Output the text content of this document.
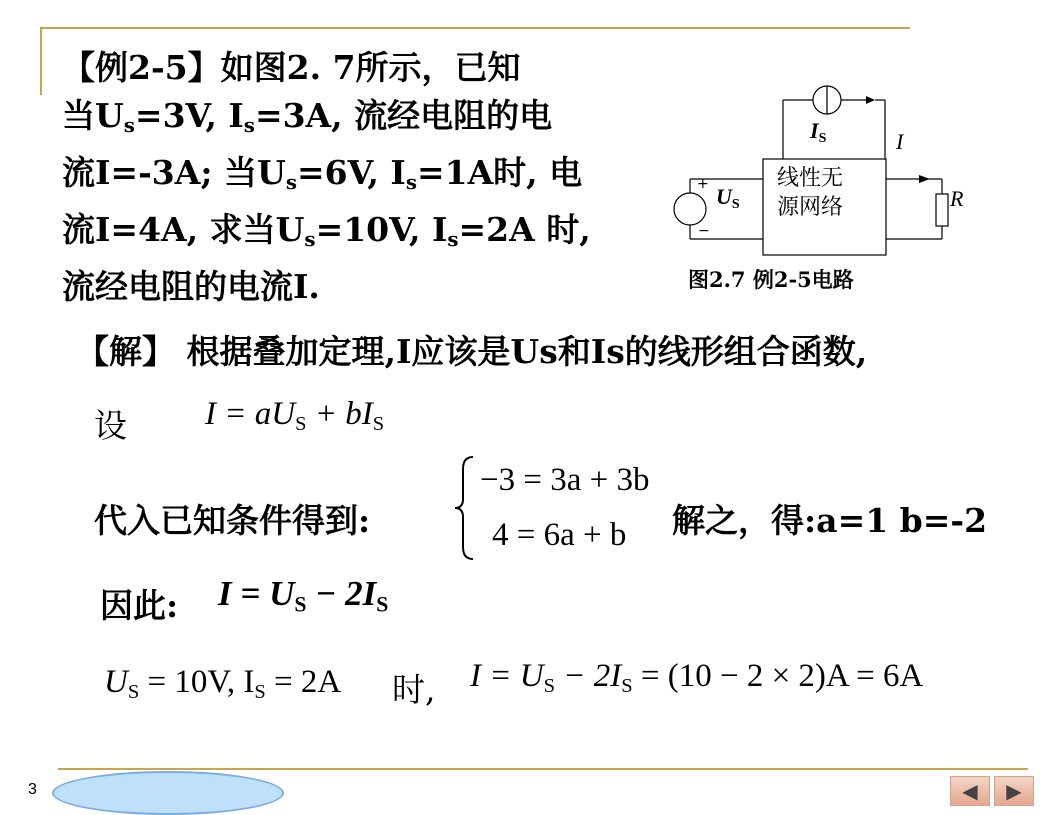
【例2-5】如图2. 7所示，已知
当$U_s=3V$, $I_s=3A$, 流经电阻的电
流I=-3A; 当$U_s=6V$, $I_s=1A$时, 电
流I=4A, 求当$U_s=10V$, $I_s=2A$ 时,
流经电阻的电流I.
线性无
源网络
US
IS	I
R
+
−
图2.7 例2-5电路
【解】 根据叠加定理,I应该是Us和Is的线形组合函数,
设 $I = aU_S + bI_S$
代入已知条件得到:
−3 = 3a + 3b
4 = 6a + b 解之，得:a=1 b=-2
因此: $I = U_S - 2I_S$
$U_S = 10V$, $I_S = 2A$ 时, $I = U_S - 2I_S = (10 - 2 \times 2)A = 6A$
3	◀	▶
